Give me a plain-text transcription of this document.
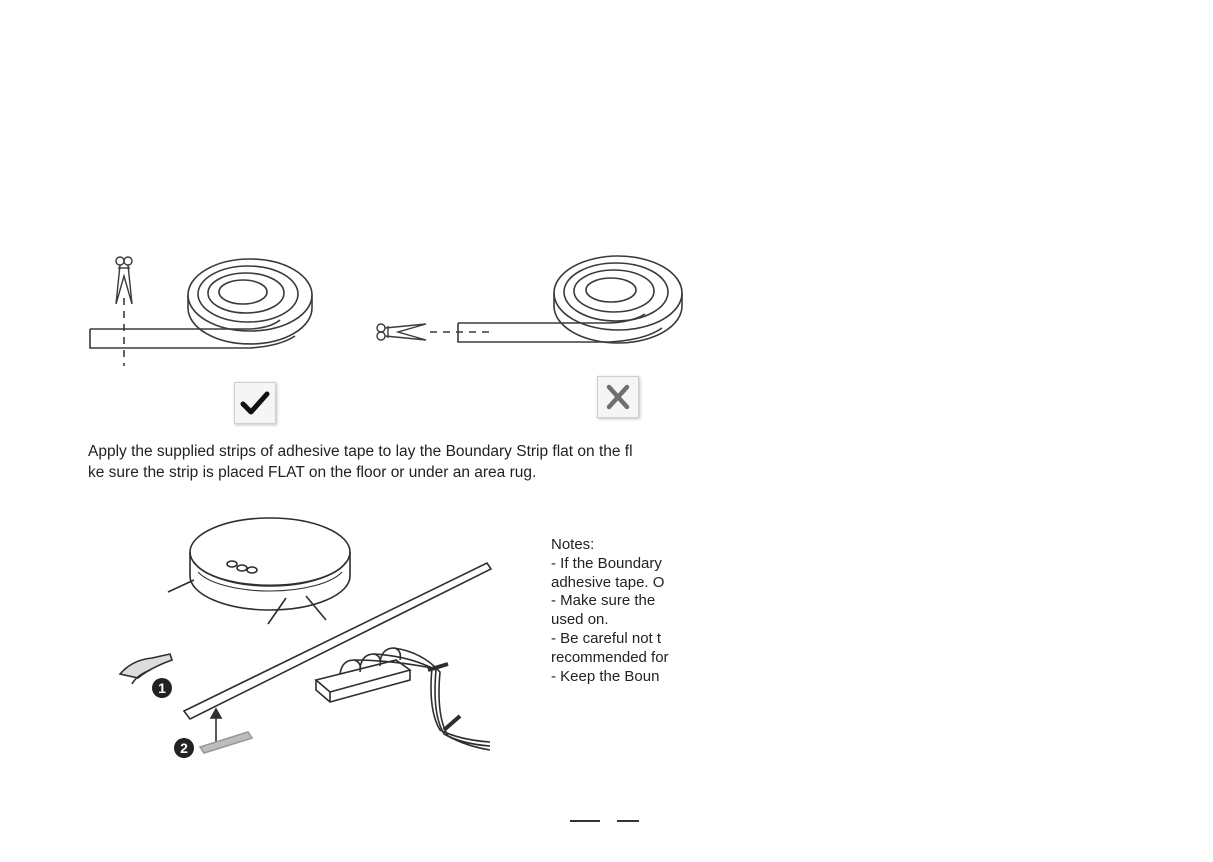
Apply the supplied strips of adhesive tape to lay the Boundary Strip flat on the fl
ke sure the strip is placed FLAT on the floor or under an area rug.
1
2
Notes:
- If the Boundary
adhesive tape. O
- Make sure the
used on.
- Be careful not t
recommended for
- Keep the Boun
